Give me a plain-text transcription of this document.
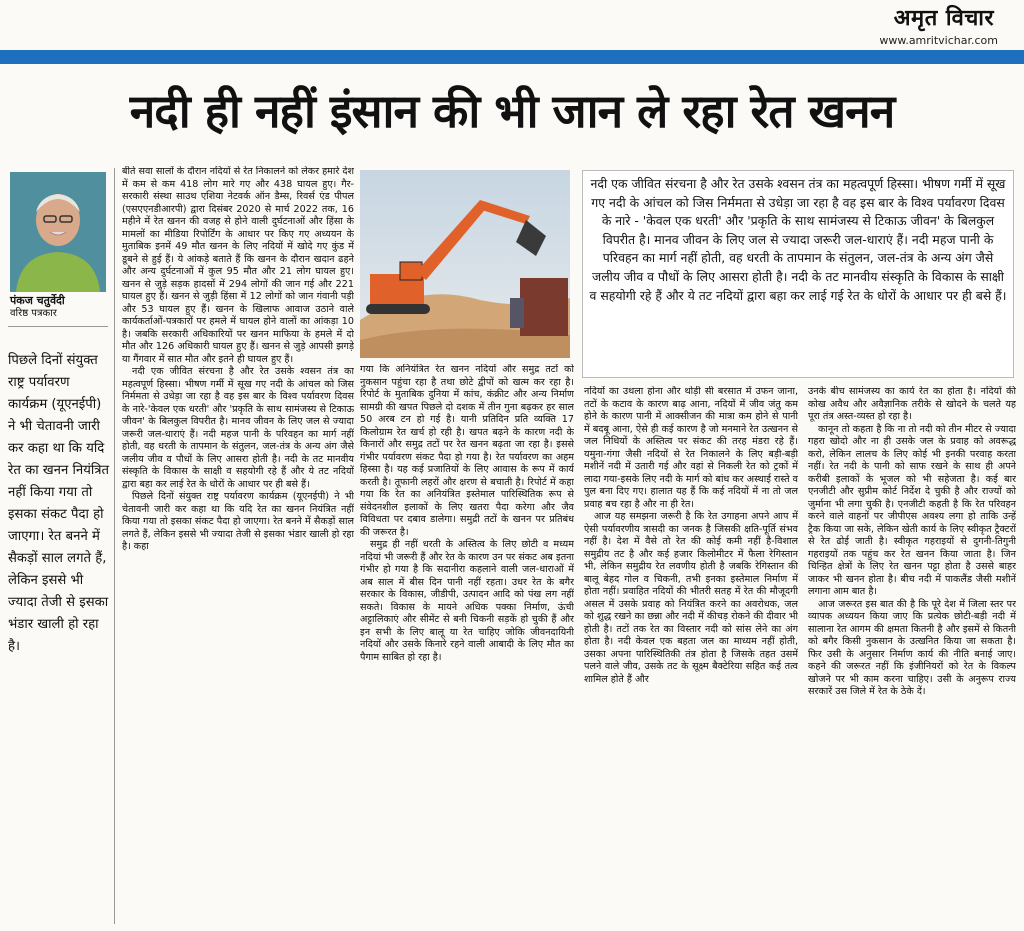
अमृत विचार
www.amritvichar.com
नदी ही नहीं इंसान की भी जान ले रहा रेत खनन
पंकज चतुर्वेदी
वरिष्ठ पत्रकार
पिछले दिनों संयुक्त राष्ट्र पर्यावरण कार्यक्रम (यूएनईपी) ने भी चेतावनी जारी कर कहा था कि यदि रेत का खनन नियंत्रित नहीं किया गया तो इसका संकट पैदा हो जाएगा। रेत बनने में सैकड़ों साल लगते हैं, लेकिन इससे भी ज्यादा तेजी से इसका भंडार खाली हो रहा है।

बीते सवा सालों के दौरान नदियों से रेत निकालने को लेकर हमारे देश में कम से कम 418 लोग मारे गए और 438 घायल हुए। गैर-सरकारी संस्था साउथ एशिया नेटवर्क ऑन डैम्स, रिवर्स एंड पीपल (एसएएनडीआरपी) द्वारा दिसंबर 2020 से मार्च 2022 तक, 16 महीने में रेत खनन की वजह से होने वाली दुर्घटनाओं और हिंसा के मामलों का मीडिया रिपोर्टिंग के आधार पर किए गए अध्ययन के मुताबिक इनमें 49 मौत खनन के लिए नदियों में खोदे गए कुंड में डूबने से हुई हैं। ये आंकड़े बताते हैं कि खनन के दौरान खदान ढहने और अन्य दुर्घटनाओं में कुल 95 मौत और 21 लोग घायल हुए। खनन से जुड़े सड़क हादसों में 294 लोगों की जान गई और 221 घायल हुए हैं। खनन से जुड़ी हिंसा में 12 लोगों को जान गंवानी पड़ी और 53 घायल हुए हैं। खनन के खिलाफ आवाज उठाने वाले कार्यकर्ताओं-पत्रकारों पर हमले में घायल होने वालों का आंकड़ा 10 है। जबकि सरकारी अधिकारियों पर खनन माफिया के हमले में दो मौत और 126 अधिकारी घायल हुए हैं। खनन से जुड़े आपसी झगड़े या गैंगवार में सात मौत और इतने ही घायल हुए हैं।

नदी एक जीवित संरचना है और रेत उसके श्वसन तंत्र का महत्वपूर्ण हिस्सा। भीषण गर्मी में सूख गए नदी के आंचल को जिस निर्ममता से उधेड़ा जा रहा है वह इस बार के विश्व पर्यावरण दिवस के नारे-'केवल एक धरती' और 'प्रकृति के साथ सामंजस्य से टिकाऊ जीवन' के बिलकुल विपरीत है। मानव जीवन के लिए जल से ज्यादा जरूरी जल-धाराएं हैं। नदी महज पानी के परिवहन का मार्ग नहीं होती, वह धरती के तापमान के संतुलन, जल-तंत्र के अन्य अंग जैसे जलीय जीव व पौधों के लिए आसरा होती है। नदी के तट मानवीय संस्कृति के विकास के साक्षी व सहयोगी रहे हैं और ये तट नदियों द्वारा बहा कर लाई रेत के धोरों के आधार पर ही बसे हैं।

पिछले दिनों संयुक्त राष्ट्र पर्यावरण कार्यक्रम (यूएनईपी) ने भी चेतावनी जारी कर कहा था कि यदि रेत का खनन नियंत्रित नहीं किया गया तो इसका संकट पैदा हो जाएगा। रेत बनने में सैकड़ों साल लगते हैं, लेकिन इससे भी ज्यादा तेजी से इसका भंडार खाली हो रहा है। कहा

गया कि अनियंत्रित रेत खनन नदियों और समुद्र तटों को नुकसान पहुंचा रहा है तथा छोटे द्वीपों को खत्म कर रहा है। रिपोर्ट के मुताबिक दुनिया में कांच, कंक्रीट और अन्य निर्माण सामग्री की खपत पिछले दो दशक में तीन गुना बढ़कर हर साल 50 अरब टन हो गई है। यानी प्रतिदिन प्रति व्यक्ति 17 किलोग्राम रेत खर्च हो रही है। खपत बढ़ने के कारण नदी के किनारों और समुद्र तटों पर रेत खनन बढ़ता जा रहा है। इससे गंभीर पर्यावरण संकट पैदा हो गया है। रेत पर्यावरण का अहम हिस्सा है। यह कई प्रजातियों के लिए आवास के रूप में कार्य करती है। तूफानी लहरों और क्षरण से बचाती है। रिपोर्ट में कहा गया कि रेत का अनियंत्रित इस्तेमाल पारिस्थितिक रूप से संवेदनशील इलाकों के लिए खतरा पैदा करेगा और जैव विविधता पर दबाव डालेगा। समुद्री तटों के खनन पर प्रतिबंध की जरूरत है।

समुद्र ही नहीं धरती के अस्तित्व के लिए छोटी व मध्यम नदियां भी जरूरी हैं और रेत के कारण उन पर संकट अब इतना गंभीर हो गया है कि सदानीरा कहलाने वाली जल-धाराओं में अब साल में बीस दिन पानी नहीं रहता। उधर रेत के बगैर सरकार के विकास, जीडीपी, उत्पादन आदि को पंख लग नहीं सकते। विकास के मायने अधिक पक्का निर्माण, ऊंची अट्टालिकाएं और सीमेंट से बनी चिकनी सड़कें हो चुकी हैं और इन सभी के लिए बालू या रेत चाहिए जोकि जीवनदायिनी नदियों और उसके किनारे रहने वाली आबादी के लिए मौत का पैगाम साबित हो रहा है।

नदी एक जीवित संरचना है और रेत उसके श्वसन तंत्र का महत्वपूर्ण हिस्सा। भीषण गर्मी में सूख गए नदी के आंचल को जिस निर्ममता से उधेड़ा जा रहा है वह इस बार के विश्व पर्यावरण दिवस के नारे - 'केवल एक धरती' और 'प्रकृति के साथ सामंजस्य से टिकाऊ जीवन' के बिलकुल विपरीत है। मानव जीवन के लिए जल से ज्यादा जरूरी जल-धाराएं हैं। नदी महज पानी के परिवहन का मार्ग नहीं होती, वह धरती के तापमान के संतुलन, जल-तंत्र के अन्य अंग जैसे जलीय जीव व पौधों के लिए आसरा होती है। नदी के तट मानवीय संस्कृति के विकास के साक्षी व सहयोगी रहे हैं और ये तट नदियों द्वारा बहा कर लाई गई रेत के धोरों के आधार पर ही बसे हैं।

नदियों का उथला होना और थोड़ी सी बरसात में उफन जाना, तटों के कटाव के कारण बाढ़ आना, नदियों में जीव जंतु कम होने के कारण पानी में आक्सीजन की मात्रा कम होने से पानी में बदबू आना, ऐसे ही कई कारण है जो मनमाने रेत उत्खनन से जल निधियों के अस्तित्व पर संकट की तरह मंडरा रहे हैं। यमुना-गंगा जैसी नदियों से रेत निकालने के लिए बड़ी-बड़ी मशीनें नदी में उतारी गई और वहां से निकली रेत को ट्रकों में लादा गया-इसके लिए नदी के मार्ग को बांध कर अस्थाई रास्ते व पुल बना दिए गए। हालात यह हैं कि कई नदियों में ना तो जल प्रवाह बच रहा है और ना ही रेत।

आज यह समझना जरूरी है कि रेत उगाहना अपने आप में ऐसी पर्यावरणीय त्रासदी का जनक है जिसकी क्षति-पूर्ति संभव नहीं है। देश में वैसे तो रेत की कोई कमी नहीं है-विशाल समुद्रीय तट है और कई हजार किलोमीटर में फैला रेगिस्तान भी, लेकिन समुद्रीय रेत लवणीय होती है जबकि रेगिस्तान की बालू बेहद गोल व चिकनी, तभी इनका इस्तेमाल निर्माण में होता नहीं। प्रवाहित नदियों की भीतरी सतह में रेत की मौजूदगी असल में उसके प्रवाह को नियंत्रित करने का अवरोधक, जल को शुद्ध रखने का छन्ना और नदी में कीचड़ रोकने की दीवार भी होती है। तटों तक रेत का विस्तार नदी को सांस लेने का अंग होता है। नदी केवल एक बहता जल का माध्यम नहीं होती, उसका अपना पारिस्थितिकी तंत्र होता है जिसके तहत उसमें पलने वाले जीव, उसके तट के सूक्ष्म बैक्टेरिया सहित कई तत्व शामिल होते हैं और

उनके बीच सामंजस्य का कार्य रेत का होता है। नदियों की कोख अवैध और अवैज्ञानिक तरीके से खोदने के चलते यह पूरा तंत्र अस्त-व्यस्त हो रहा है।

कानून तो कहता है कि ना तो नदी को तीन मीटर से ज्यादा गहरा खोदो और ना ही उसके जल के प्रवाह को अवरूद्ध करो, लेकिन लालच के लिए कोई भी इनकी परवाह करता नहीं। रेत नदी के पानी को साफ रखने के साथ ही अपने करीबी इलाकों के भूजल को भी सहेजता है। कई बार एनजीटी और सुप्रीम कोर्ट निर्देश दे चुकी है और राज्यों को जुर्माना भी लगा चुकी है। एनजीटी कहती है कि रेत परिवहन करने वाले वाहनों पर जीपीएस अवश्य लगा हो ताकि उन्हें ट्रैक किया जा सके, लेकिन खेती कार्य के लिए स्वीकृत ट्रैक्टरों से रेत ढोई जाती है। स्वीकृत गहराइयों से दुगनी-तिगुनी गहराइयों तक पहुंच कर रेत खनन किया जाता है। जिन चिन्हित क्षेत्रों के लिए रेत खनन पट्टा होता है उससे बाहर जाकर भी खनन होता है। बीच नदी में पाकलैंड जैसी मशीनें लगाना आम बात है।

आज जरूरत इस बात की है कि पूरे देश में जिला स्तर पर व्यापक अध्ययन किया जाए कि प्रत्येक छोटी-बड़ी नदी में सालाना रेत आगम की क्षमता कितनी है और इसमें से कितनी को बगैर किसी नुकसान के उत्खनित किया जा सकता है। फिर उसी के अनुसार निर्माण कार्य की नीति बनाई जाए। कहने की जरूरत नहीं कि इंजीनियरों को रेत के विकल्प खोजने पर भी काम करना चाहिए। उसी के अनुरूप राज्य सरकारें उस जिले में रेत के ठेके दें।
